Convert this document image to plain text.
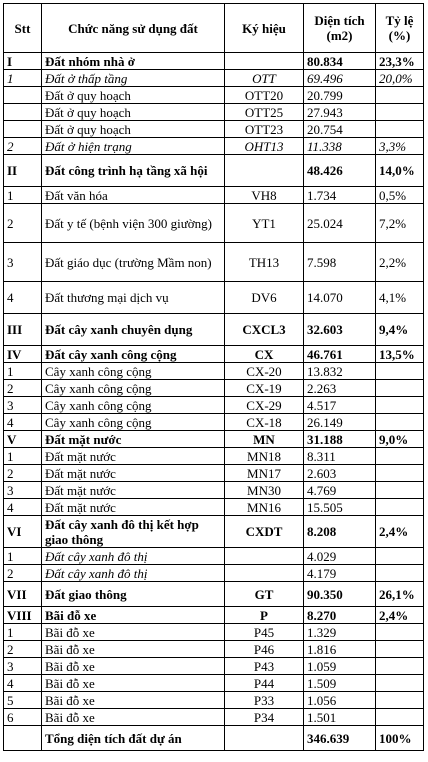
Stt	Chức năng sử dụng đất	Ký hiệu	Diện tích (m2)	Tỷ lệ (%)
I	Đất nhóm nhà ở		80.834	23,3%
1	Đất ở thấp tầng	OTT	69.496	20,0%
	Đất ở quy hoạch	OTT20	20.799	
	Đất ở quy hoạch	OTT25	27.943	
	Đất ở quy hoạch	OTT23	20.754	
2	Đất ở hiện trạng	OHT13	11.338	3,3%
II	Đất công trình hạ tầng xã hội		48.426	14,0%
1	Đất văn hóa	VH8	1.734	0,5%
2	Đất y tế (bệnh viện 300 giường)	YT1	25.024	7,2%
3	Đất giáo dục (trường Mầm non)	TH13	7.598	2,2%
4	Đất thương mại dịch vụ	DV6	14.070	4,1%
III	Đất cây xanh chuyên dụng	CXCL3	32.603	9,4%
IV	Đất cây xanh công cộng	CX	46.761	13,5%
1	Cây xanh công cộng	CX-20	13.832	
2	Cây xanh công cộng	CX-19	2.263	
3	Cây xanh công cộng	CX-29	4.517	
4	Cây xanh công cộng	CX-18	26.149	
V	Đất mặt nước	MN	31.188	9,0%
1	Đất mặt nước	MN18	8.311	
2	Đất mặt nước	MN17	2.603	
3	Đất mặt nước	MN30	4.769	
4	Đất mặt nước	MN16	15.505	
VI	Đất cây xanh đô thị kết hợp giao thông	CXDT	8.208	2,4%
1	Đất cây xanh đô thị		4.029	
2	Đất cây xanh đô thị		4.179	
VII	Đất giao thông	GT	90.350	26,1%
VIII	Bãi đỗ xe	P	8.270	2,4%
1	Bãi đỗ xe	P45	1.329	
2	Bãi đỗ xe	P46	1.816	
3	Bãi đỗ xe	P43	1.059	
4	Bãi đỗ xe	P44	1.509	
5	Bãi đỗ xe	P33	1.056	
6	Bãi đỗ xe	P34	1.501	
	Tổng diện tích đất dự án		346.639	100%
